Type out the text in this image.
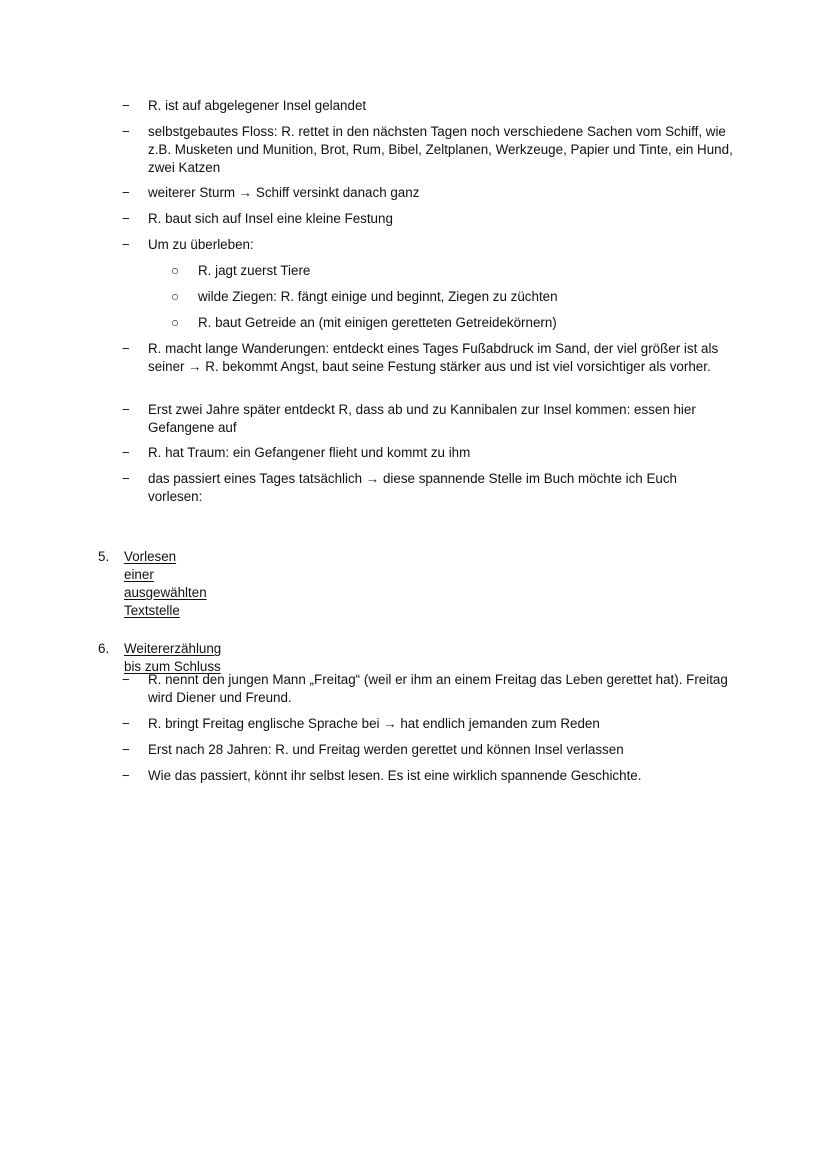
−	R. ist auf abgelegener Insel gelandet
−	selbstgebautes Floss: R. rettet in den nächsten Tagen noch verschiedene Sachen vom Schiff, wie z.B. Musketen und Munition, Brot, Rum, Bibel, Zeltplanen, Werkzeuge, Papier und Tinte, ein Hund, zwei Katzen
−	weiterer Sturm → Schiff versinkt danach ganz
−	R. baut sich auf Insel eine kleine Festung
−	Um zu überleben:
○ R. jagt zuerst Tiere
○ wilde Ziegen: R. fängt einige und beginnt, Ziegen zu züchten
○ R. baut Getreide an (mit einigen geretteten Getreidekörnern)
−	R. macht lange Wanderungen: entdeckt eines Tages Fußabdruck im Sand, der viel größer ist als seiner → R. bekommt Angst, baut seine Festung stärker aus und ist viel vorsichtiger als vorher.
−	Erst zwei Jahre später entdeckt R, dass ab und zu Kannibalen zur Insel kommen: essen hier Gefangene auf
−	R. hat Traum: ein Gefangener flieht und kommt zu ihm
−	das passiert eines Tages tatsächlich → diese spannende Stelle im Buch möchte ich Euch vorlesen:
5. Vorlesen einer ausgewählten Textstelle
6. Weitererzählung bis zum Schluss
−	R. nennt den jungen Mann „Freitag“ (weil er ihm an einem Freitag das Leben gerettet hat). Freitag wird Diener und Freund.
−	R. bringt Freitag englische Sprache bei → hat endlich jemanden zum Reden
−	Erst nach 28 Jahren: R. und Freitag werden gerettet und können Insel verlassen
−	Wie das passiert, könnt ihr selbst lesen. Es ist eine wirklich spannende Geschichte.
